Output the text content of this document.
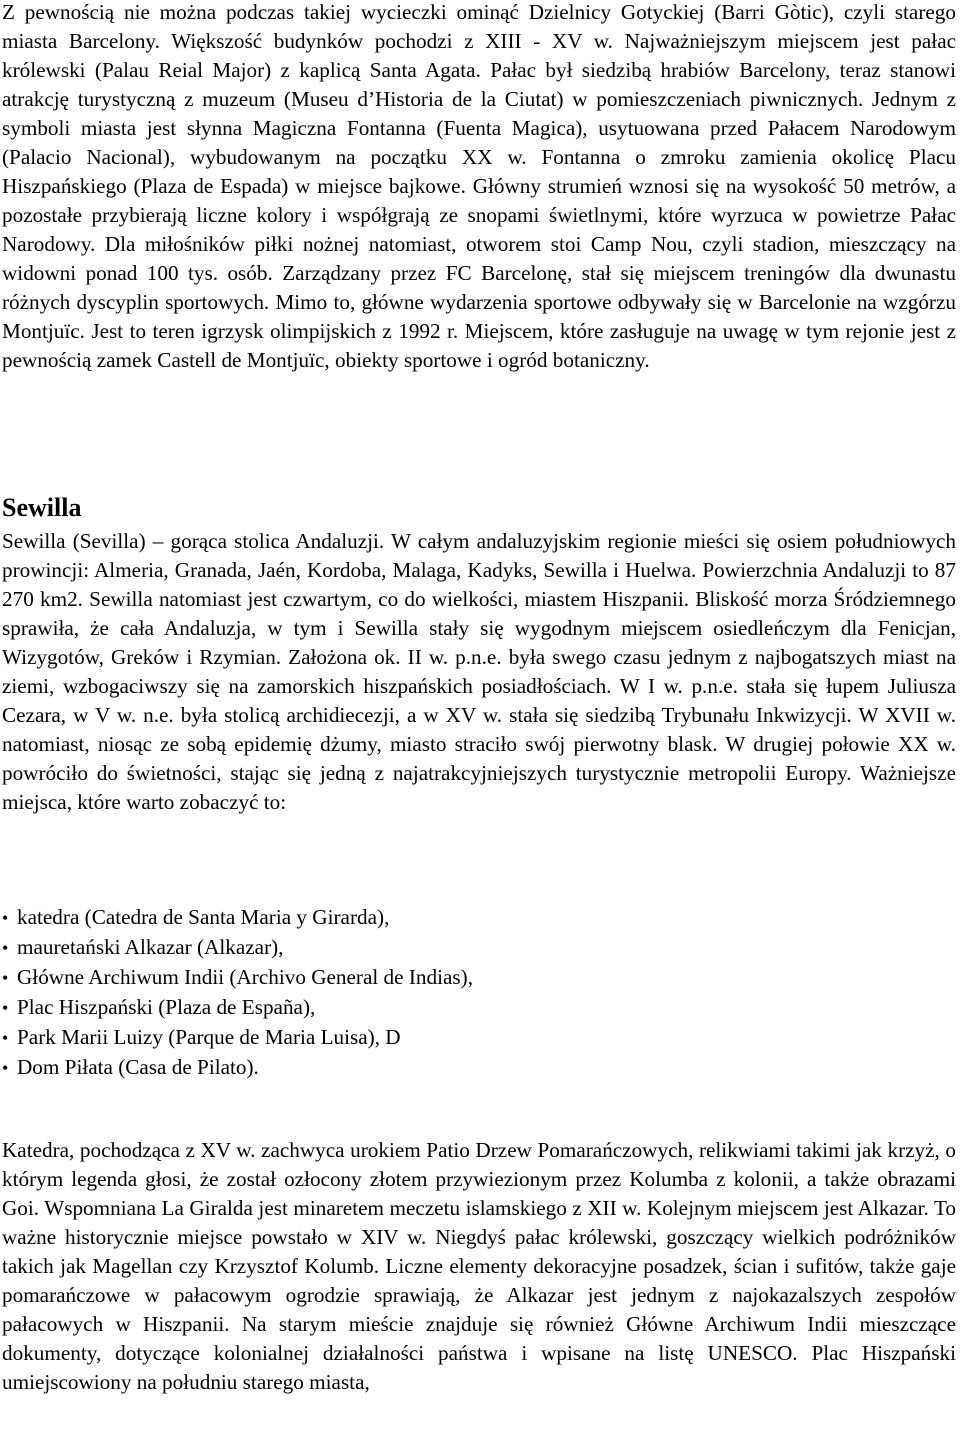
Z pewnością nie można podczas takiej wycieczki ominąć Dzielnicy Gotyckiej (Barri Gòtic), czyli starego miasta Barcelony. Większość budynków pochodzi z XIII - XV w. Najważniejszym miejscem jest pałac królewski (Palau Reial Major) z kaplicą Santa Agata. Pałac był siedzibą hrabiów Barcelony, teraz stanowi atrakcję turystyczną z muzeum (Museu d’Historia de la Ciutat) w pomieszczeniach piwnicznych. Jednym z symboli miasta jest słynna Magiczna Fontanna (Fuenta Magica), usytuowana przed Pałacem Narodowym (Palacio Nacional), wybudowanym na początku XX w. Fontanna o zmroku zamienia okolicę Placu Hiszpańskiego (Plaza de Espada) w miejsce bajkowe. Główny strumień wznosi się na wysokość 50 metrów, a pozostałe przybierają liczne kolory i współgrają ze snopami świetlnymi, które wyrzuca w powietrze Pałac Narodowy. Dla miłośników piłki nożnej natomiast, otworem stoi Camp Nou, czyli stadion, mieszczący na widowni ponad 100 tys. osób. Zarządzany przez FC Barcelonę, stał się miejscem treningów dla dwunastu różnych dyscyplin sportowych. Mimo to, główne wydarzenia sportowe odbywały się w Barcelonie na wzgórzu Montjuïc. Jest to teren igrzysk olimpijskich z 1992 r. Miejscem, które zasługuje na uwagę w tym rejonie jest z pewnością zamek Castell de Montjuïc, obiekty sportowe i ogród botaniczny.

Sewilla

Sewilla (Sevilla) – gorąca stolica Andaluzji. W całym andaluzyjskim regionie mieści się osiem południowych prowincji: Almeria, Granada, Jaén, Kordoba, Malaga, Kadyks, Sewilla i Huelwa. Powierzchnia Andaluzji to 87 270 km2. Sewilla natomiast jest czwartym, co do wielkości, miastem Hiszpanii. Bliskość morza Śródziemnego sprawiła, że cała Andaluzja, w tym i Sewilla stały się wygodnym miejscem osiedleńczym dla Fenicjan, Wizygotów, Greków i Rzymian. Założona ok. II w. p.n.e. była swego czasu jednym z najbogatszych miast na ziemi, wzbogaciwszy się na zamorskich hiszpańskich posiadłościach. W I w. p.n.e. stała się łupem Juliusza Cezara, w V w. n.e. była stolicą archidiecezji, a w XV w. stała się siedzibą Trybunału Inkwizycji. W XVII w. natomiast, niosąc ze sobą epidemię dżumy, miasto straciło swój pierwotny blask. W drugiej połowie XX w. powróciło do świetności, stając się jedną z najatrakcyjniejszych turystycznie metropolii Europy. Ważniejsze miejsca, które warto zobaczyć to:

• katedra (Catedra de Santa Maria y Girarda),
• mauretański Alkazar (Alkazar),
• Główne Archiwum Indii (Archivo General de Indias),
• Plac Hiszpański (Plaza de España),
• Park Marii Luizy (Parque de Maria Luisa), D
• Dom Piłata (Casa de Pilato).

Katedra, pochodząca z XV w. zachwyca urokiem Patio Drzew Pomarańczowych, relikwiami takimi jak krzyż, o którym legenda głosi, że został ozłocony złotem przywiezionym przez Kolumba z kolonii, a także obrazami Goi. Wspomniana La Giralda jest minaretem meczetu islamskiego z XII w. Kolejnym miejscem jest Alkazar. To ważne historycznie miejsce powstało w XIV w. Niegdyś pałac królewski, goszczący wielkich podróżników takich jak Magellan czy Krzysztof Kolumb. Liczne elementy dekoracyjne posadzek, ścian i sufitów, także gaje pomarańczowe w pałacowym ogrodzie sprawiają, że Alkazar jest jednym z najokazalszych zespołów pałacowych w Hiszpanii. Na starym mieście znajduje się również Główne Archiwum Indii mieszczące dokumenty, dotyczące kolonialnej działalności państwa i wpisane na listę UNESCO. Plac Hiszpański umiejscowiony na południu starego miasta,
